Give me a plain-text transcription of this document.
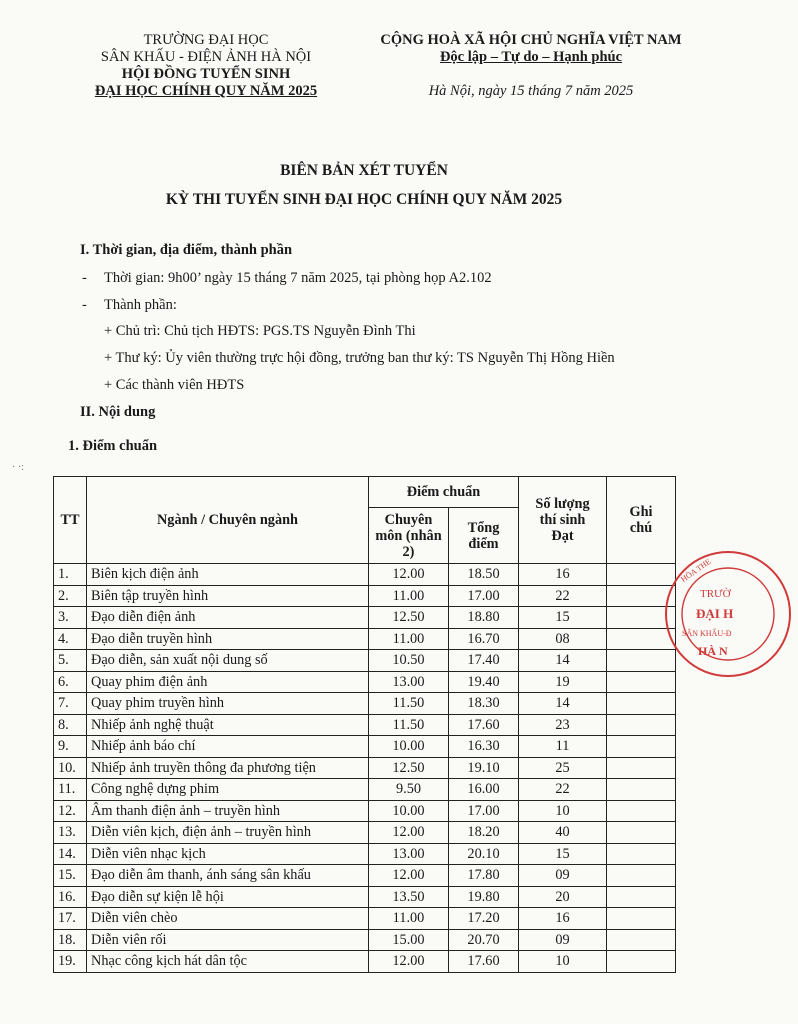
TRƯỜNG ĐẠI HỌC
SÂN KHẤU - ĐIỆN ẢNH HÀ NỘI
HỘI ĐỒNG TUYỂN SINH
ĐẠI HỌC CHÍNH QUY NĂM 2025
CỘNG HOÀ XÃ HỘI CHỦ NGHĨA VIỆT NAM
Độc lập – Tự do – Hạnh phúc
Hà Nội, ngày 15 tháng 7 năm 2025
BIÊN BẢN XÉT TUYỂN
KỲ THI TUYỂN SINH ĐẠI HỌC CHÍNH QUY NĂM 2025
I. Thời gian, địa điểm, thành phần
- Thời gian: 9h00’ ngày 15 tháng 7 năm 2025, tại phòng họp A2.102
- Thành phần:
+ Chủ trì: Chủ tịch HĐTS: PGS.TS Nguyễn Đình Thi
+ Thư ký: Ủy viên thường trực hội đồng, trưởng ban thư ký: TS Nguyễn Thị Hồng Hiền
+ Các thành viên HĐTS
II. Nội dung
1. Điểm chuẩn
· ·:
TT	Ngành / Chuyên ngành	Điểm chuẩn		Số lượng thí sinh Đạt	Ghi chú
		Chuyên môn (nhân 2)	Tổng điểm		
1.	Biên kịch điện ảnh	12.00	18.50	16	
2.	Biên tập truyền hình	11.00	17.00	22	
3.	Đạo diễn điện ảnh	12.50	18.80	15	
4.	Đạo diễn truyền hình	11.00	16.70	08	
5.	Đạo diễn, sản xuất nội dung số	10.50	17.40	14	
6.	Quay phim điện ảnh	13.00	19.40	19	
7.	Quay phim truyền hình	11.50	18.30	14	
8.	Nhiếp ảnh nghệ thuật	11.50	17.60	23	
9.	Nhiếp ảnh báo chí	10.00	16.30	11	
10.	Nhiếp ảnh truyền thông đa phương tiện	12.50	19.10	25	
11.	Công nghệ dựng phim	9.50	16.00	22	
12.	Âm thanh điện ảnh – truyền hình	10.00	17.00	10	
13.	Diễn viên kịch, điện ảnh – truyền hình	12.00	18.20	40	
14.	Diễn viên nhạc kịch	13.00	20.10	15	
15.	Đạo diễn âm thanh, ánh sáng sân khấu	12.00	17.80	09	
16.	Đạo diễn sự kiện lễ hội	13.50	19.80	20	
17.	Diễn viên chèo	11.00	17.20	16	
18.	Diễn viên rối	15.00	20.70	09	
19.	Nhạc công kịch hát dân tộc	12.00	17.60	10	
TRƯỜ
ĐẠI H
SÂN KHẤU-Đ
HÀ N
HÒA THE
